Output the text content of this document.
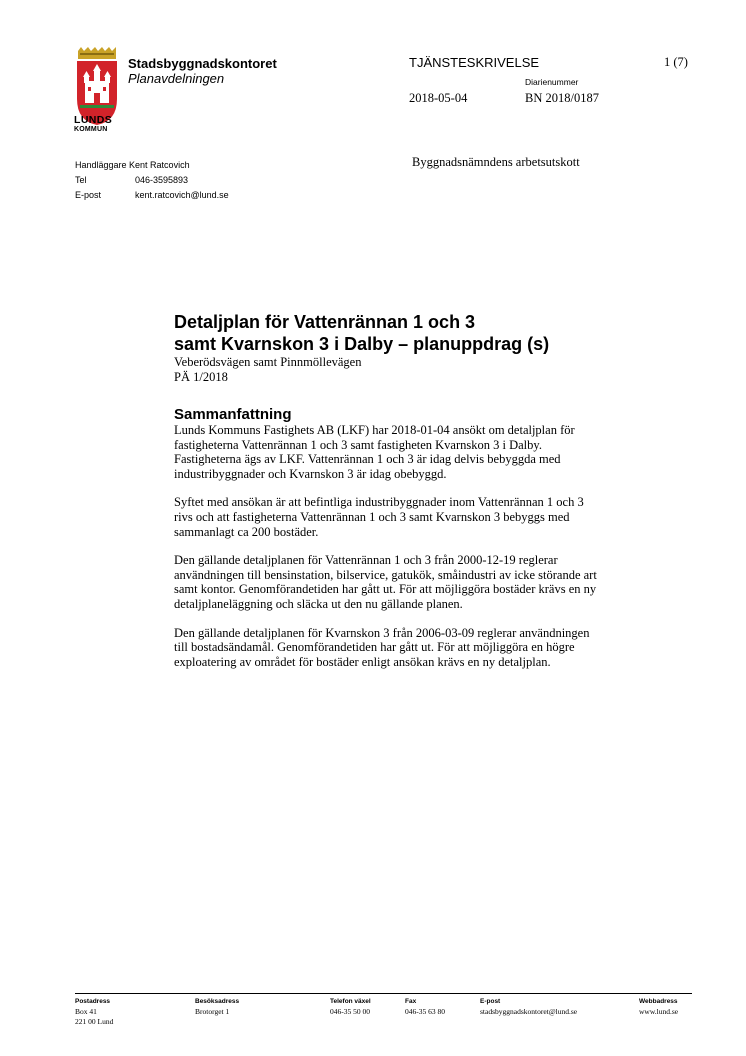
LUNDS
KOMMUN
Stadsbyggnadskontoret
Planavdelningen
TJÄNSTESKRIVELSE	1 (7)
Diarienummer
2018-05-04	BN 2018/0187
Handläggare Kent Ratcovich
Tel	046-3595893
E-post	kent.ratcovich@lund.se
Byggnadsnämndens arbetsutskott
Detaljplan för Vattenrännan 1 och 3
samt Kvarnskon 3 i Dalby – planuppdrag (s)
Veberödsvägen samt Pinnmöllevägen
PÄ 1/2018
Sammanfattning

Lunds Kommuns Fastighets AB (LKF) har 2018-01-04 ansökt om detaljplan för fastigheterna Vattenrännan 1 och 3 samt fastigheten Kvarnskon 3 i Dalby. Fastigheterna ägs av LKF. Vattenrännan 1 och 3 är idag delvis bebyggda med industribyggnader och Kvarnskon 3 är idag obebyggd.

Syftet med ansökan är att befintliga industribyggnader inom Vattenrännan 1 och 3 rivs och att fastigheterna Vattenrännan 1 och 3 samt Kvarnskon 3 bebyggs med sammanlagt ca 200 bostäder.

Den gällande detaljplanen för Vattenrännan 1 och 3 från 2000-12-19 reglerar användningen till bensinstation, bilservice, gatukök, småindustri av icke störande art samt kontor. Genomförandetiden har gått ut. För att möjliggöra bostäder krävs en ny detaljplaneläggning och släcka ut den nu gällande planen.

Den gällande detaljplanen för Kvarnskon 3 från 2006-03-09 reglerar användningen till bostadsändamål. Genomförandetiden har gått ut. För att möjliggöra en högre exploatering av området för bostäder enligt ansökan krävs en ny detaljplan.

Postadress
Box 41
221 00 Lund
Besöksadress
Brotorget 1
Telefon växel
046-35 50 00
Fax
046-35 63 80
E-post
stadsbyggnadskontoret@lund.se
Webbadress
www.lund.se
